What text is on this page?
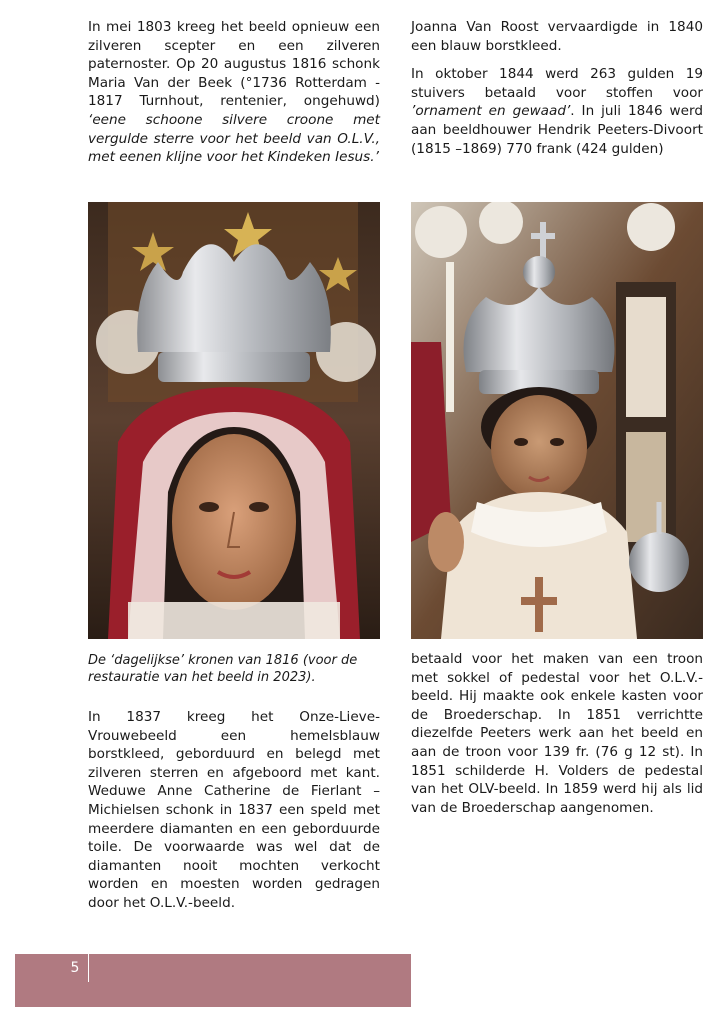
In mei 1803 kreeg het beeld opnieuw een zilveren scepter en een zilveren paternoster. Op 20 augustus 1816 schonk Maria Van der Beek (°1736 Rotterdam - 1817 Turnhout, rentenier, ongehuwd) ‘eene schoone silvere croone met vergulde sterre voor het beeld van O.L.V., met eenen klijne voor het Kindeken Iesus.’

Joanna Van Roost vervaardigde in 1840 een blauw borstkleed.

In oktober 1844 werd 263 gulden 19 stuivers betaald voor stoffen voor ’ornament en gewaad’. In juli 1846 werd aan beeldhouwer Hendrik Peeters-Divoort (1815 –1869) 770 frank (424 gulden)

De ‘dagelijkse’ kronen van 1816 (voor de restauratie van het beeld in 2023).

In 1837 kreeg het Onze-Lieve-Vrouwebeeld een hemelsblauw borstkleed, geborduurd en belegd met zilveren sterren en afgeboord met kant. Weduwe Anne Catherine de Fierlant – Michielsen schonk in 1837 een speld met meerdere diamanten en een geborduurde toile. De voorwaarde was wel dat de diamanten nooit mochten verkocht worden en moesten worden gedragen door het O.L.V.-beeld.

betaald voor het maken van een troon met sokkel of pedestal voor het O.L.V.-beeld. Hij maakte ook enkele kasten voor de Broederschap. In 1851 verrichtte diezelfde Peeters werk aan het beeld en aan de troon voor 139 fr. (76 g 12 st). In 1851 schilderde H. Volders de pedestal van het OLV-beeld. In 1859 werd hij als lid van de Broederschap aangenomen.

5
